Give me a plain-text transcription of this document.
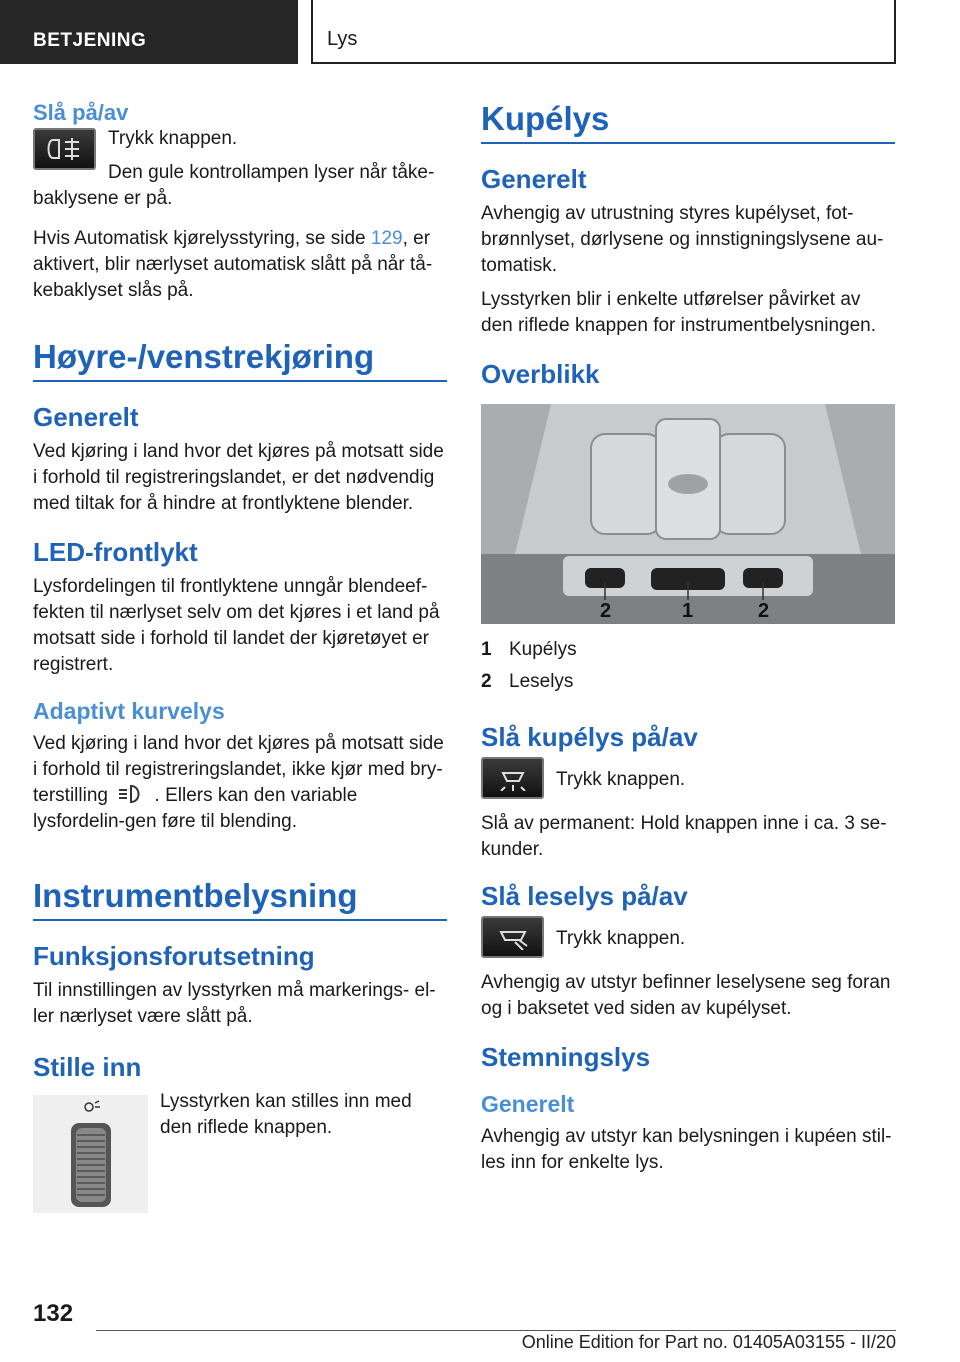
BETJENING	Lys
Slå på/av
Trykk knappen.
Den gule kontrollampen lyser når tåke-baklysene er på.
Hvis Automatisk kjørelysstyring, se side 129, er aktivert, blir nærlyset automatisk slått på når tå-kebaklyset slås på.
Høyre-/venstrekjøring
Generelt
Ved kjøring i land hvor det kjøres på motsatt side i forhold til registreringslandet, er det nødvendig med tiltak for å hindre at frontlyktene blender.
LED-frontlykt
Lysfordelingen til frontlyktene unngår blendeef-fekten til nærlyset selv om det kjøres i et land på motsatt side i forhold til landet der kjøretøyet er registrert.
Adaptivt kurvelys
Ved kjøring i land hvor det kjøres på motsatt side i forhold til registreringslandet, ikke kjør med bry-terstilling . Ellers kan den variable lysfordelin-gen føre til blending.
Instrumentbelysning
Funksjonsforutsetning
Til innstillingen av lysstyrken må markerings- el-ler nærlyset være slått på.
Stille inn
Lysstyrken kan stilles inn med den riflede knappen.
Kupélys
Generelt
Avhengig av utrustning styres kupélyset, fot-brønnlyset, dørlysene og innstigningslysene au-tomatisk.
Lysstyrken blir i enkelte utførelser påvirket av den riflede knappen for instrumentbelysningen.
Overblikk
2	1	2
1 Kupélys
2 Leselys
Slå kupélys på/av
Trykk knappen.
Slå av permanent: Hold knappen inne i ca. 3 se-kunder.
Slå leselys på/av
Trykk knappen.
Avhengig av utstyr befinner leselysene seg foran og i baksetet ved siden av kupélyset.
Stemningslys
Generelt
Avhengig av utstyr kan belysningen i kupéen stil-les inn for enkelte lys.
132
Online Edition for Part no. 01405A03155 - II/20
